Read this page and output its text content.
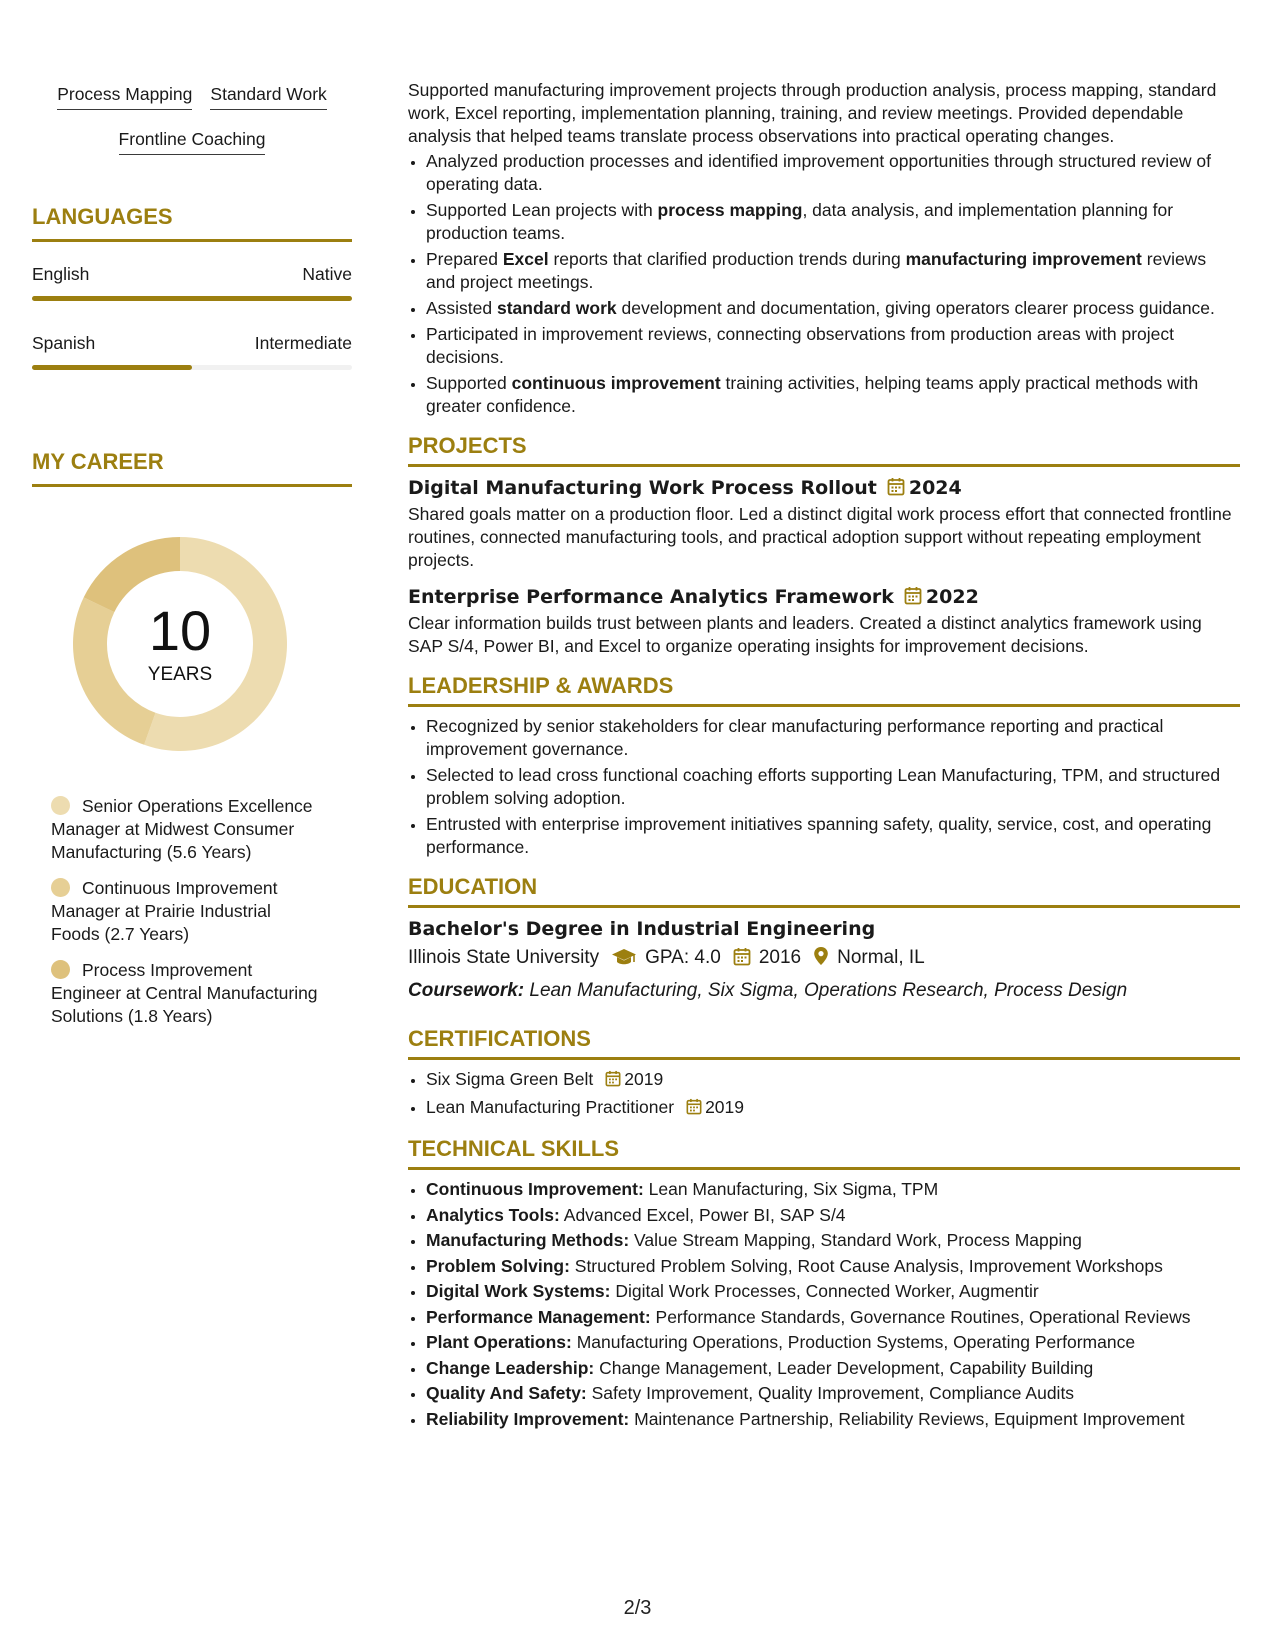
Process Mapping Standard Work
Frontline Coaching
LANGUAGES
English	Native
Spanish	Intermediate
MY CAREER
10
YEARS
Senior Operations Excellence Manager at Midwest Consumer Manufacturing (5.6 Years)
Continuous Improvement Manager at Prairie Industrial Foods (2.7 Years)
Process Improvement Engineer at Central Manufacturing Solutions (1.8 Years)

Supported manufacturing improvement projects through production analysis, process mapping, standard work, Excel reporting, implementation planning, training, and review meetings. Provided dependable analysis that helped teams translate process observations into practical operating changes.

• Analyzed production processes and identified improvement opportunities through structured review of operating data.
• Supported Lean projects with process mapping, data analysis, and implementation planning for production teams.
• Prepared Excel reports that clarified production trends during manufacturing improvement reviews and project meetings.
• Assisted standard work development and documentation, giving operators clearer process guidance.
• Participated in improvement reviews, connecting observations from production areas with project decisions.
• Supported continuous improvement training activities, helping teams apply practical methods with greater confidence.
PROJECTS
Digital Manufacturing Work Process Rollout 2024
Shared goals matter on a production floor. Led a distinct digital work process effort that connected frontline routines, connected manufacturing tools, and practical adoption support without repeating employment projects.
Enterprise Performance Analytics Framework 2022
Clear information builds trust between plants and leaders. Created a distinct analytics framework using SAP S/4, Power BI, and Excel to organize operating insights for improvement decisions.
LEADERSHIP & AWARDS
• Recognized by senior stakeholders for clear manufacturing performance reporting and practical improvement governance.
• Selected to lead cross functional coaching efforts supporting Lean Manufacturing, TPM, and structured problem solving adoption.
• Entrusted with enterprise improvement initiatives spanning safety, quality, service, cost, and operating performance.
EDUCATION
Bachelor's Degree in Industrial Engineering
Illinois State University GPA: 4.0 2016 Normal, IL
Coursework: Lean Manufacturing, Six Sigma, Operations Research, Process Design
CERTIFICATIONS
• Six Sigma Green Belt 2019
• Lean Manufacturing Practitioner 2019
TECHNICAL SKILLS
• Continuous Improvement: Lean Manufacturing, Six Sigma, TPM
• Analytics Tools: Advanced Excel, Power BI, SAP S/4
• Manufacturing Methods: Value Stream Mapping, Standard Work, Process Mapping
• Problem Solving: Structured Problem Solving, Root Cause Analysis, Improvement Workshops
• Digital Work Systems: Digital Work Processes, Connected Worker, Augmentir
• Performance Management: Performance Standards, Governance Routines, Operational Reviews
• Plant Operations: Manufacturing Operations, Production Systems, Operating Performance
• Change Leadership: Change Management, Leader Development, Capability Building
• Quality And Safety: Safety Improvement, Quality Improvement, Compliance Audits
• Reliability Improvement: Maintenance Partnership, Reliability Reviews, Equipment Improvement
2/3
